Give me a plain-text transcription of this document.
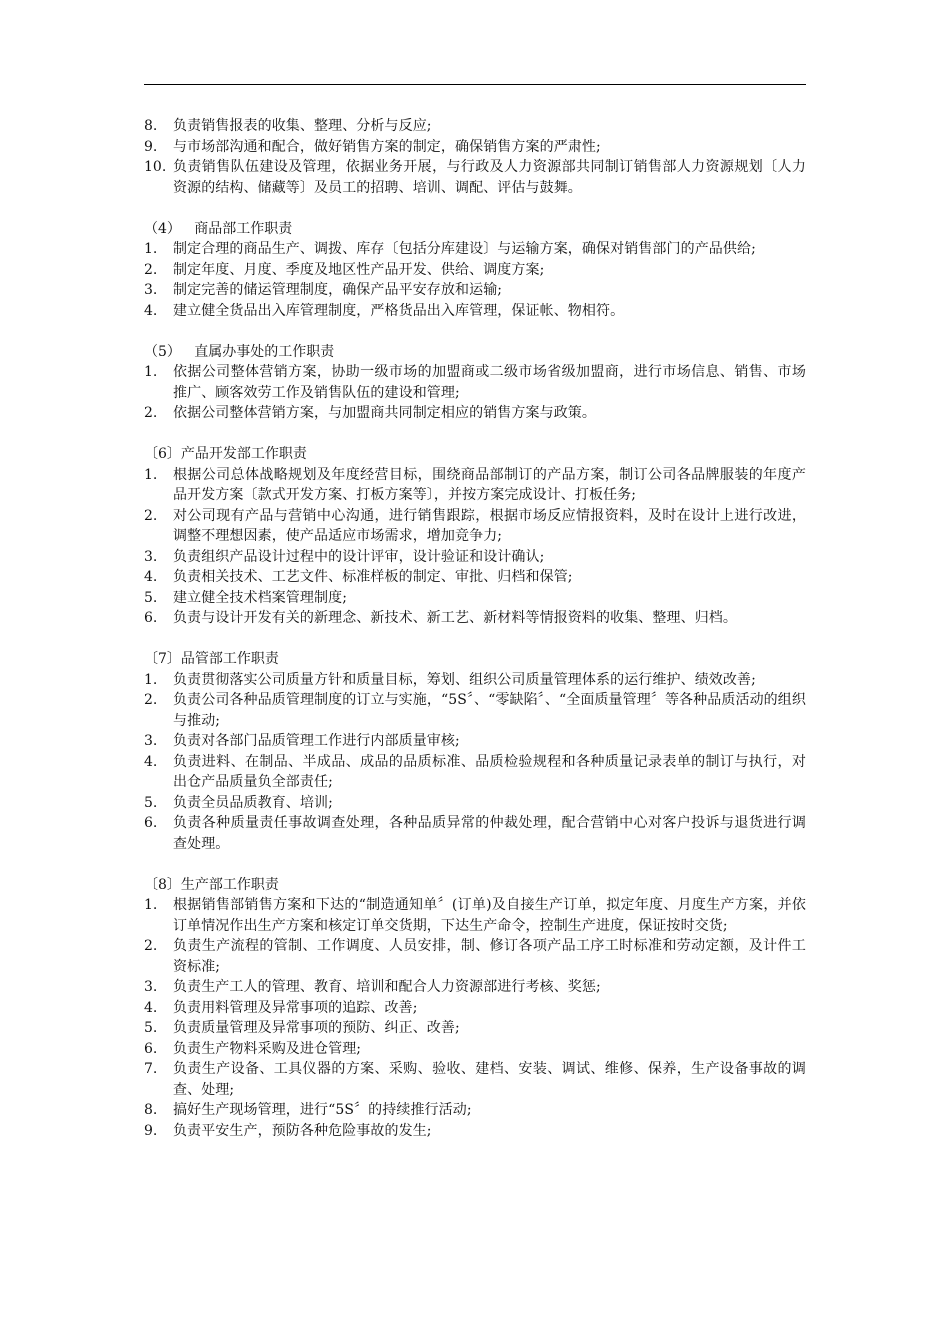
8.	负责销售报表的收集、整理、分析与反应;
9.	与市场部沟通和配合，做好销售方案的制定，确保销售方案的严肃性;
10. 负责销售队伍建设及管理，依据业务开展，与行政及人力资源部共同制订销售部人力资源规划〔人力资源的结构、储藏等〕及员工的招聘、培训、调配、评估与鼓舞。
（4）   商品部工作职责
1.	制定合理的商品生产、调拨、库存〔包括分库建设〕与运输方案，确保对销售部门的产品供给;
2.	制定年度、月度、季度及地区性产品开发、供给、调度方案;
3.	制定完善的储运管理制度，确保产品平安存放和运输;
4.	建立健全货品出入库管理制度，严格货品出入库管理，保证帐、物相符。
（5）   直属办事处的工作职责
1.	依据公司整体营销方案，协助一级市场的加盟商或二级市场省级加盟商，进行市场信息、销售、市场推广、顾客效劳工作及销售队伍的建设和管理;
2.	依据公司整体营销方案，与加盟商共同制定相应的销售方案与政策。
〔6〕产品开发部工作职责
1.	根据公司总体战略规划及年度经营目标，围绕商品部制订的产品方案，制订公司各品牌服装的年度产品开发方案〔款式开发方案、打板方案等〕，并按方案完成设计、打板任务;
2.	对公司现有产品与营销中心沟通，进行销售跟踪，根据市场反应情报资料，及时在设计上进行改进，调整不理想因素，使产品适应市场需求，增加竞争力;
3.	负责组织产品设计过程中的设计评审，设计验证和设计确认;
4.	负责相关技术、工艺文件、标准样板的制定、审批、归档和保管;
5.	建立健全技术档案管理制度;
6.	负责与设计开发有关的新理念、新技术、新工艺、新材料等情报资料的收集、整理、归档。
〔7〕品管部工作职责
1.	负责贯彻落实公司质量方针和质量目标，筹划、组织公司质量管理体系的运行维护、绩效改善;
2.	负责公司各种品质管理制度的订立与实施，“5S〞、“零缺陷〞、“全面质量管理〞等各种品质活动的组织与推动;
3.	负责对各部门品质管理工作进行内部质量审核;
4.	负责进料、在制品、半成品、成品的品质标准、品质检验规程和各种质量记录表单的制订与执行，对出仓产品质量负全部责任;
5.	负责全员品质教育、培训;
6.	负责各种质量责任事故调查处理，各种品质异常的仲裁处理，配合营销中心对客户投诉与退货进行调查处理。
〔8〕生产部工作职责
1.	根据销售部销售方案和下达的“制造通知单〞(订单)及自接生产订单，拟定年度、月度生产方案，并依订单情况作出生产方案和核定订单交货期，下达生产命令，控制生产进度，保证按时交货;
2.	负责生产流程的管制、工作调度、人员安排，制、修订各项产品工序工时标准和劳动定额，及计件工资标准;
3.	负责生产工人的管理、教育、培训和配合人力资源部进行考核、奖惩;
4.	负责用料管理及异常事项的追踪、改善;
5.	负责质量管理及异常事项的预防、纠正、改善;
6.	负责生产物料采购及进仓管理;
7.	负责生产设备、工具仪器的方案、采购、验收、建档、安装、调试、维修、保养，生产设备事故的调查、处理;
8.	搞好生产现场管理，进行“5S〞的持续推行活动;
9.	负责平安生产，预防各种危险事故的发生;
